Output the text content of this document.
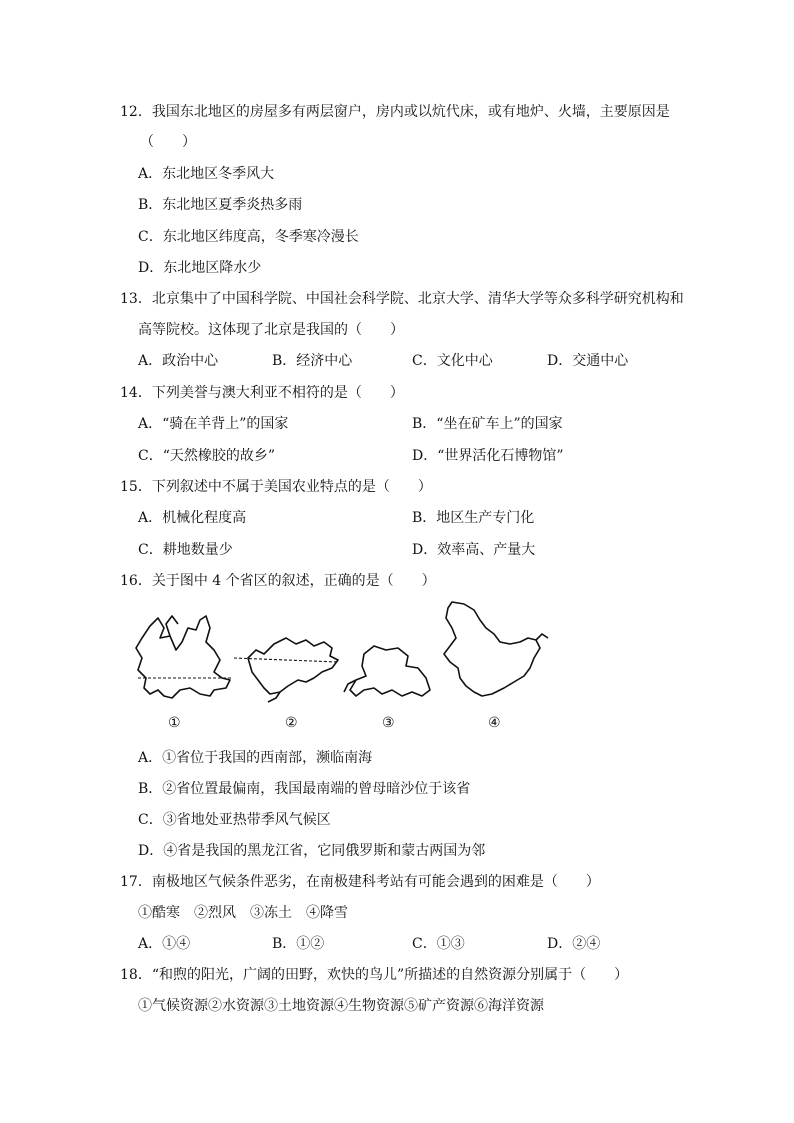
12．我国东北地区的房屋多有两层窗户，房内或以炕代床，或有地炉、火墙，主要原因是
（　　）
A．东北地区冬季风大
B．东北地区夏季炎热多雨
C．东北地区纬度高，冬季寒冷漫长
D．东北地区降水少
13．北京集中了中国科学院、中国社会科学院、北京大学、清华大学等众多科学研究机构和
高等院校。这体现了北京是我国的（　　）
A．政治中心	B．经济中心	C．文化中心	D．交通中心
14．下列美誉与澳大利亚不相符的是（　　）
A．“骑在羊背上”的国家	B．“坐在矿车上”的国家
C．“天然橡胶的故乡”	D．“世界活化石博物馆”
15．下列叙述中不属于美国农业特点的是（　　）
A．机械化程度高	B．地区生产专门化
C．耕地数量少	D．效率高、产量大
16．关于图中 4 个省区的叙述，正确的是（　　）
①	②	③	④
A．①省位于我国的西南部，濒临南海
B．②省位置最偏南，我国最南端的曾母暗沙位于该省
C．③省地处亚热带季风气候区
D．④省是我国的黑龙江省，它同俄罗斯和蒙古两国为邻
17．南极地区气候条件恶劣，在南极建科考站有可能会遇到的困难是（　　）
①酷寒　②烈风　③冻土　④降雪
A．①④	B．①②	C．①③	D．②④
18．“和煦的阳光，广阔的田野，欢快的鸟儿”所描述的自然资源分别属于（　　）
①气候资源②水资源③土地资源④生物资源⑤矿产资源⑥海洋资源
